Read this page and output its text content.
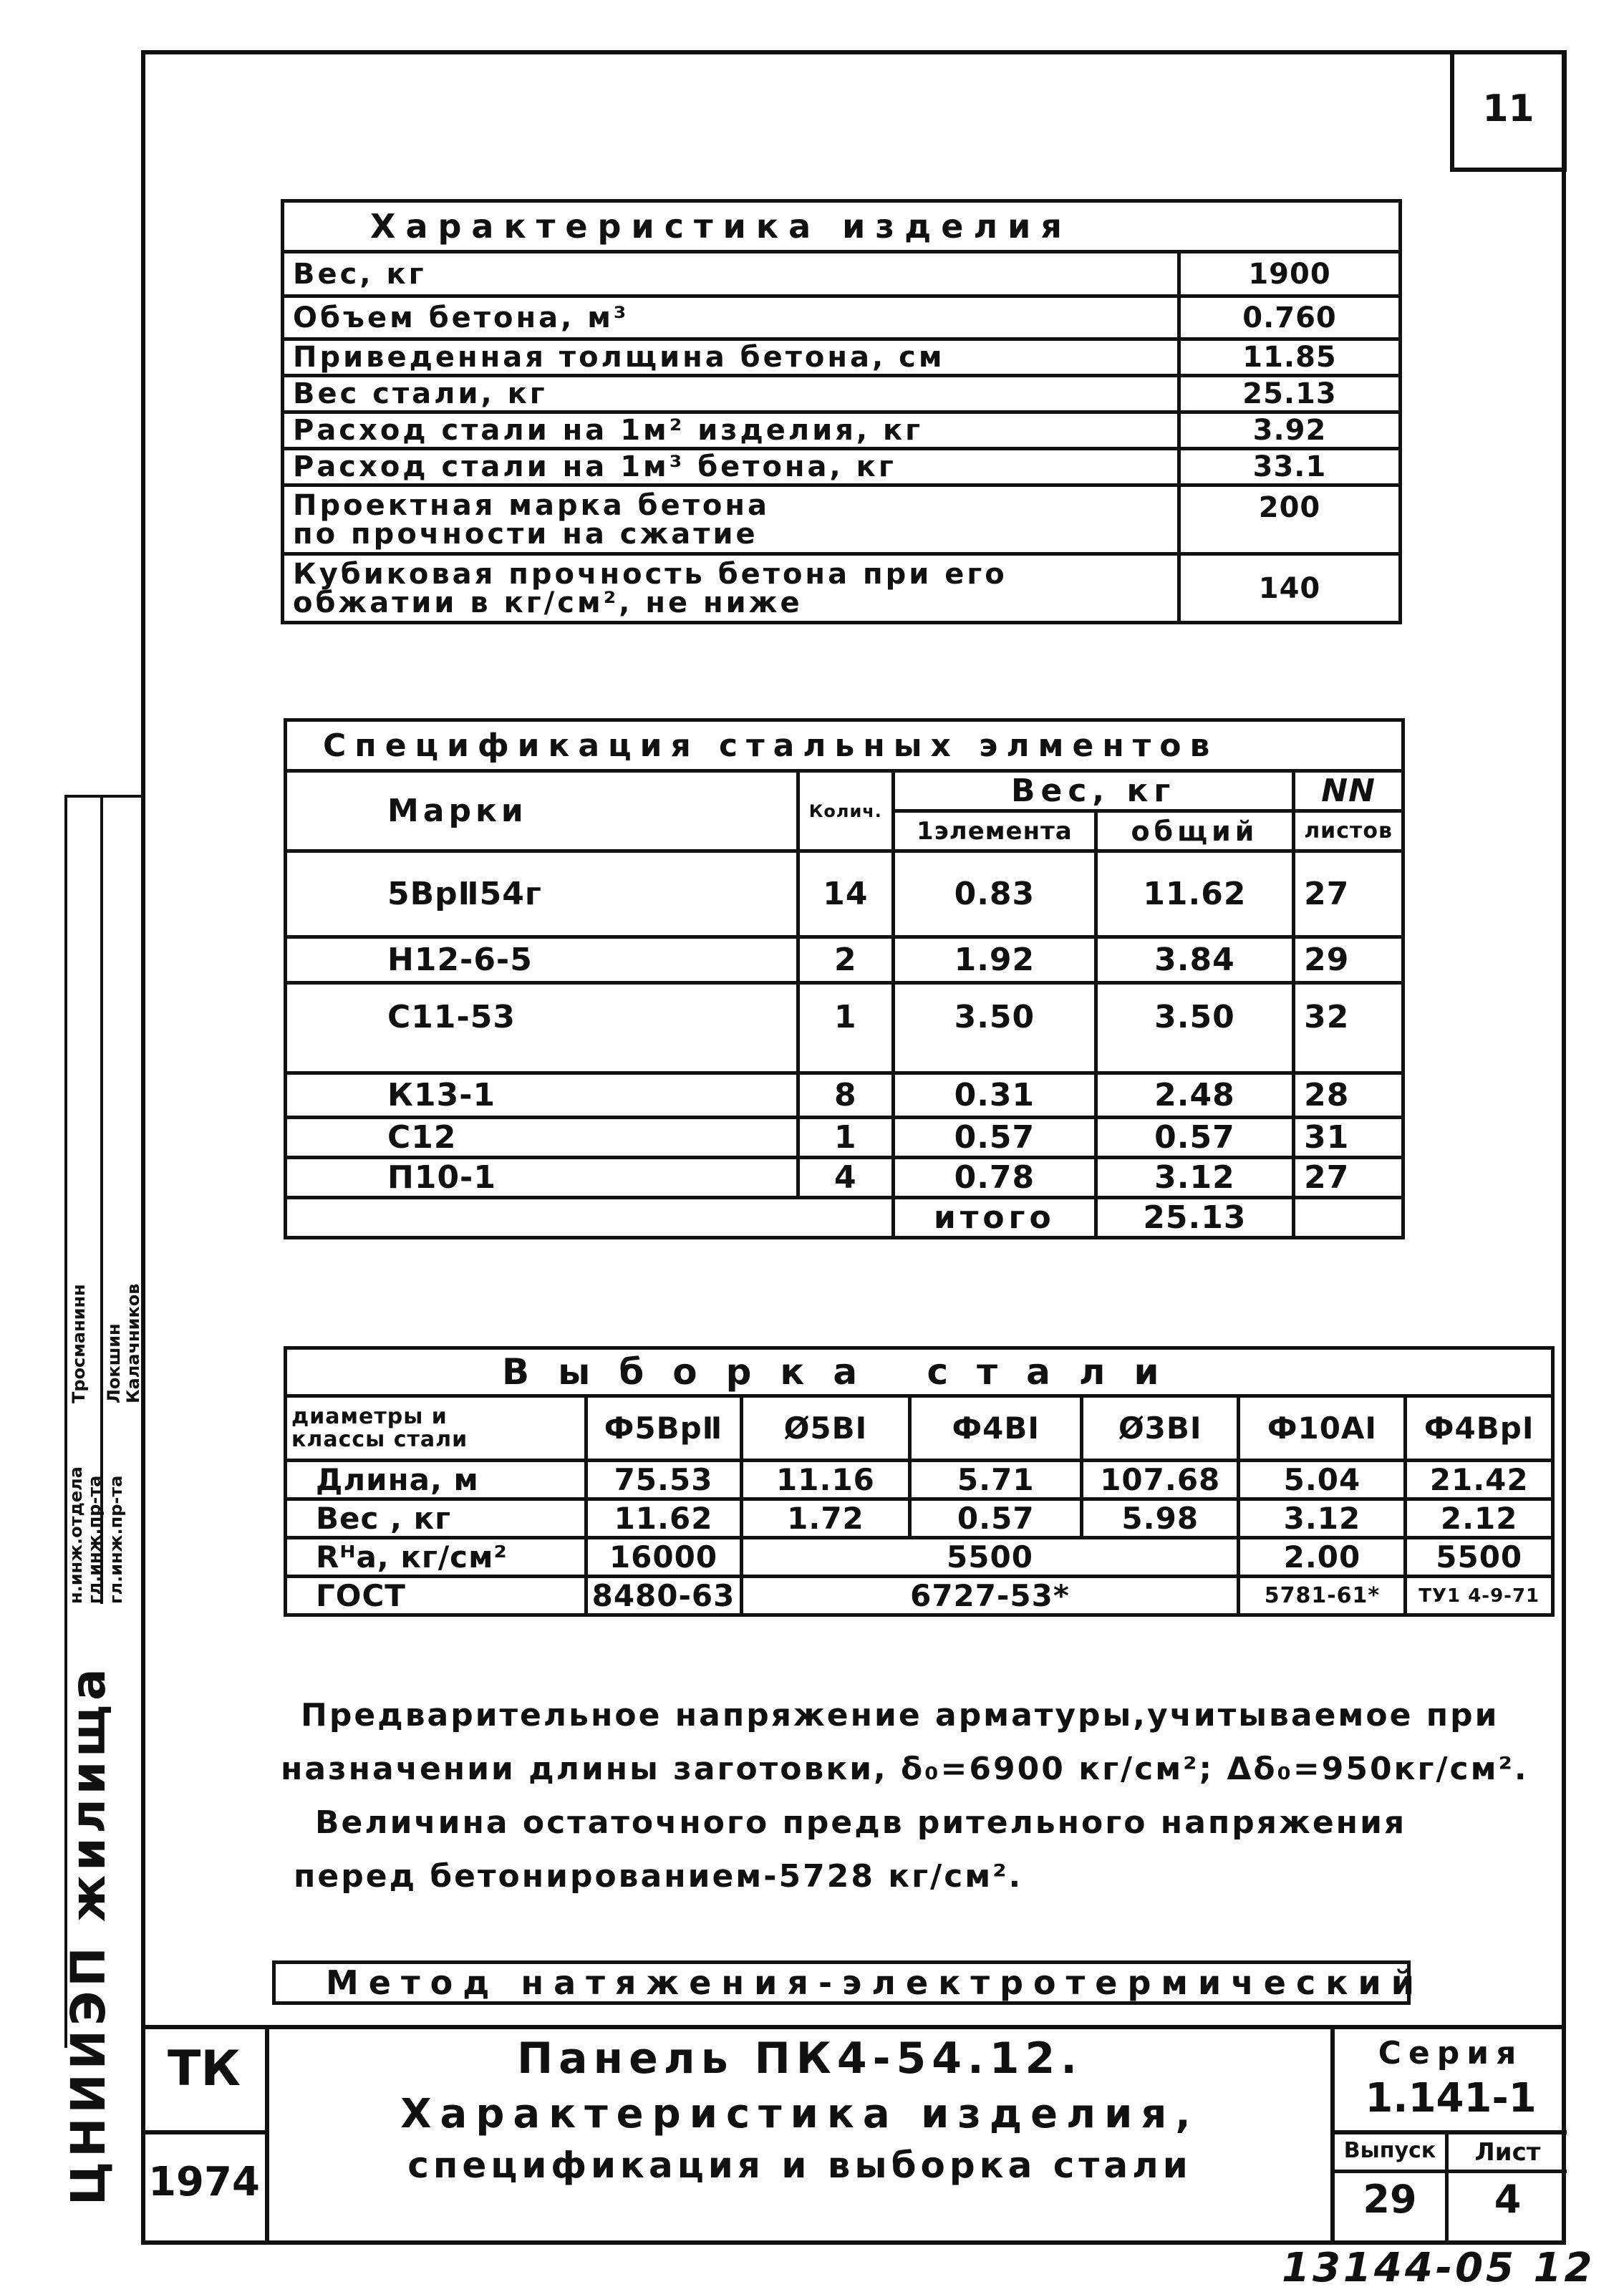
11
ЦНИИЭП жилища
гл.инж.пр-та
гл.инж.пр-та
н.инж.отдела
Калачников
Локшин
Тросманинн
Характеристика изделия	
Вес, кг	1900
Объем бетона, м³	0.760
Приведенная толщина бетона, см	11.85
Вес стали, кг	25.13
Расход стали на 1м² изделия, кг	3.92
Расход стали на 1м³ бетона, кг	33.1

Проектная марка бетона
по прочности на сжатие	200

Кубиковая прочность бетона при его
обжатии в кг/см², не ниже	140
Спецификация стальных элментов				
Марки	Колич.	Вес, кг		NN
		1элемента	общий	листов
5ВрⅡ54г	14	0.83	11.62	27
Н12-6-5	2	1.92	3.84	29
С11-53	1	3.50	3.50	32
К13-1	8	0.31	2.48	28
С12	1	0.57	0.57	31
П10-1	4	0.78	3.12	27
		итого	25.13	
Выборка стали						

диаметры и
классы стали	Ф5ВрⅡ	Ø5ВI	Ф4ВI	Ø3ВI	Ф10АI	Ф4ВрI
Длина, м	75.53	11.16	5.71	107.68	5.04	21.42
Вес , кг	11.62	1.72	0.57	5.98	3.12	2.12
Rᴴа, кг/см²	16000	5500			2.00	5500
ГОСТ	8480-63	6727-53*			5781-61*	ТУ1 4-9-71
Предварительное напряжение арматуры,учитываемое при
назначении длины заготовки, δ₀=6900 кг/см²; Δδ₀=950кг/см².
Величина остаточного предв рительного напряжения
перед бетонированием-5728 кг/см².
Метод натяжения-электротермический
ТК
1974
Панель ПК4-54.12.
Характеристика изделия,
спецификация и выборка стали
Серия
1.141-1
Выпуск	Лист
29	4
13144-05 12
